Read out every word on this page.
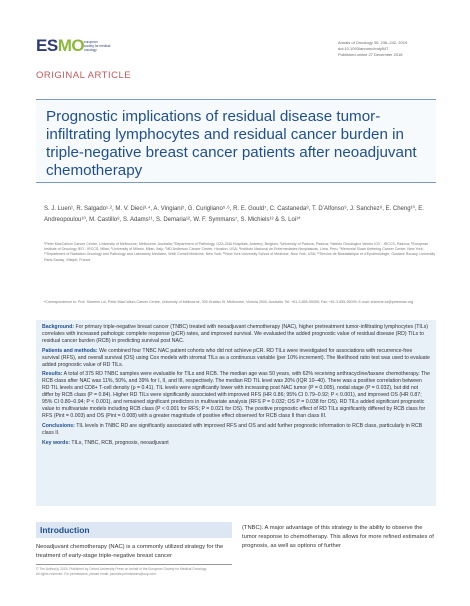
ESMO european
society for medical
oncology
Annals of Oncology 30: 236–242, 2019
doi:10.1093/annonc/mdy547
Published online 27 December 2018
ORIGINAL ARTICLE
Prognostic implications of residual disease tumor-infiltrating lymphocytes and residual cancer burden in triple-negative breast cancer patients after neoadjuvant chemotherapy
S. J. Luen¹, R. Salgado¹·², M. V. Dieci³·⁴, A. Vingiani⁵, G. Curigliano⁵·⁶, R. E. Gould⁷, C. Castaneda⁸, T. D’Alfonso⁹, J. Sanchez⁸, E. Cheng¹⁰, E. Andreopoulou¹⁰, M. Castillo⁸, S. Adams¹¹, S. Demaria¹², W. F. Symmans⁷, S. Michiels¹³ & S. Loi¹*
¹Peter MacCallum Cancer Centre, University of Melbourne, Melbourne, Australia; ²Department of Pathology, GZA-ZNA Hospitals, Antwerp, Belgium; ³University of Padova, Padova; ⁴Istituto Oncologico Veneto IOV - IRCCS, Padova; ⁵European Institute of Oncology IEO - IRCCS, Milan; ⁶University of Milano, Milan, Italy; ⁷MD Anderson Cancer Center, Houston, USA; ⁸Instituto Nacional de Enfermedades Neoplasicas, Lima, Peru; ⁹Memorial Sloan Kettering Cancer Center, New York; ¹⁰Department of Radiation Oncology and Pathology and Laboratory Medicine, Weill Cornell Medicine, New York; ¹¹New York University School of Medicine, New York, USA; ¹²Service de Biostatistique et d’Epidémiologie, Gustave Roussy, University Paris-Saclay, Villejuif, France
*Correspondence to: Prof. Sherene Loi, Peter MacCallum Cancer Centre, University of Melbourne, 305 Grattan St, Melbourne, Victoria 3000, Australia. Tel: +61-3-855-95055; Fax: +61-3-855-95039; E-mail: sherene.loi@petermac.org
Background: For primary triple-negative breast cancer (TNBC) treated with neoadjuvant chemotherapy (NAC), higher pretreatment tumor-infiltrating lymphocytes (TILs) correlates with increased pathologic complete response (pCR) rates, and improved survival. We evaluated the added prognostic value of residual disease (RD) TILs to residual cancer burden (RCB) in predicting survival post NAC.
Patients and methods: We combined four TNBC NAC patient cohorts who did not achieve pCR. RD TILs were investigated for associations with recurrence-free survival (RFS), and overall survival (OS) using Cox models with stromal TILs as a continuous variable (per 10% increment). The likelihood ratio test was used to evaluate added prognostic value of RD TILs.
Results: A total of 375 RD TNBC samples were evaluable for TILs and RCB. The median age was 50 years, with 62% receiving anthracycline/taxane chemotherapy. The RCB class after NAC was 11%, 50%, and 39% for I, II, and III, respectively. The median RD TIL level was 20% (IQR 10–40). There was a positive correlation between RD TIL levels and CD8+ T-cell density (ρ = 0.41). TIL levels were significantly lower with increasing post NAC tumor (P = 0.005), nodal stage (P = 0.032), but did not differ by RCB class (P = 0.84). Higher RD TILs were significantly associated with improved RFS (HR 0.86; 95% CI 0.79–0.92; P < 0.001), and improved OS (HR 0.87; 95% CI 0.80–0.94; P < 0.001), and remained significant predictors in multivariate analysis (RFS P = 0.032; OS P = 0.038 for OS). RD TILs added significant prognostic value to multivariate models including RCB class (P < 0.001 for RFS; P = 0.021 for OS). The positive prognostic effect of RD TILs significantly differed by RCB class for RFS (Pint = 0.003) and OS (Pint = 0.008) with a greater magnitude of positive effect observed for RCB class II than class III.
Conclusions: TIL levels in TNBC RD are significantly associated with improved RFS and OS and add further prognostic information to RCB class, particularly in RCB class II.
Key words: TILs, TNBC, RCB, prognosis, neoadjuvant
Introduction
Neoadjuvant chemotherapy (NAC) is a commonly utilized strategy for the treatment of early-stage triple-negative breast cancer
(TNBC). A major advantage of this strategy is the ability to observe the tumor response to chemotherapy. This allows for more refined estimates of prognosis, as well as options of further
© The Author(s) 2018. Published by Oxford University Press on behalf of the European Society for Medical Oncology.
All rights reserved. For permissions, please email: journals.permissions@oup.com.
